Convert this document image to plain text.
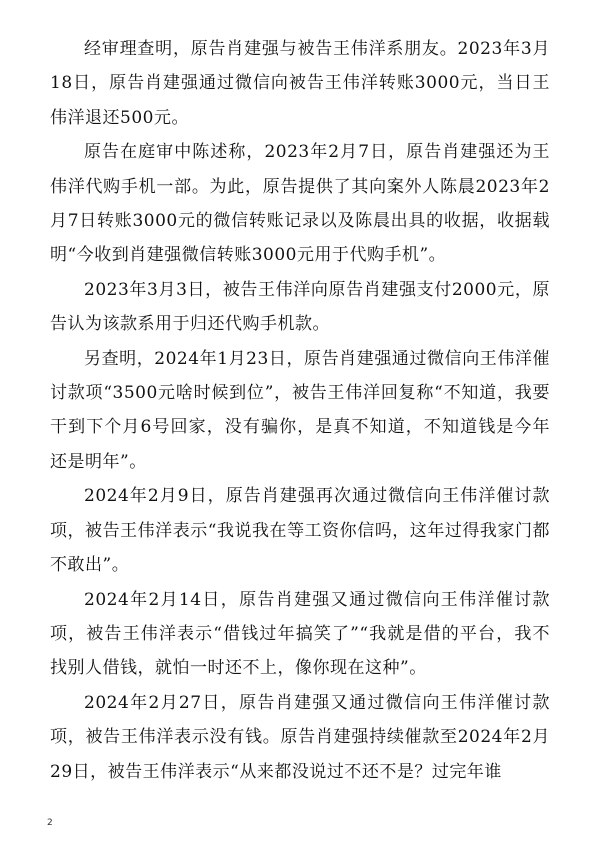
经审理查明，原告肖建强与被告王伟洋系朋友。2023年3月18日，原告肖建强通过微信向被告王伟洋转账3000元，当日王伟洋退还500元。

原告在庭审中陈述称，2023年2月7日，原告肖建强还为王伟洋代购手机一部。为此，原告提供了其向案外人陈晨2023年2月7日转账3000元的微信转账记录以及陈晨出具的收据，收据载明“今收到肖建强微信转账3000元用于代购手机”。

2023年3月3日，被告王伟洋向原告肖建强支付2000元，原告认为该款系用于归还代购手机款。

另查明，2024年1月23日，原告肖建强通过微信向王伟洋催讨款项“3500元啥时候到位”，被告王伟洋回复称“不知道，我要干到下个月6号回家，没有骗你，是真不知道，不知道钱是今年还是明年”。

2024年2月9日，原告肖建强再次通过微信向王伟洋催讨款项，被告王伟洋表示“我说我在等工资你信吗，这年过得我家门都不敢出”。

2024年2月14日，原告肖建强又通过微信向王伟洋催讨款项，被告王伟洋表示“借钱过年搞笑了”“我就是借的平台，我不找别人借钱，就怕一时还不上，像你现在这种”。

2024年2月27日，原告肖建强又通过微信向王伟洋催讨款项，被告王伟洋表示没有钱。原告肖建强持续催款至2024年2月29日，被告王伟洋表示“从来都没说过不还不是？过完年谁

2
